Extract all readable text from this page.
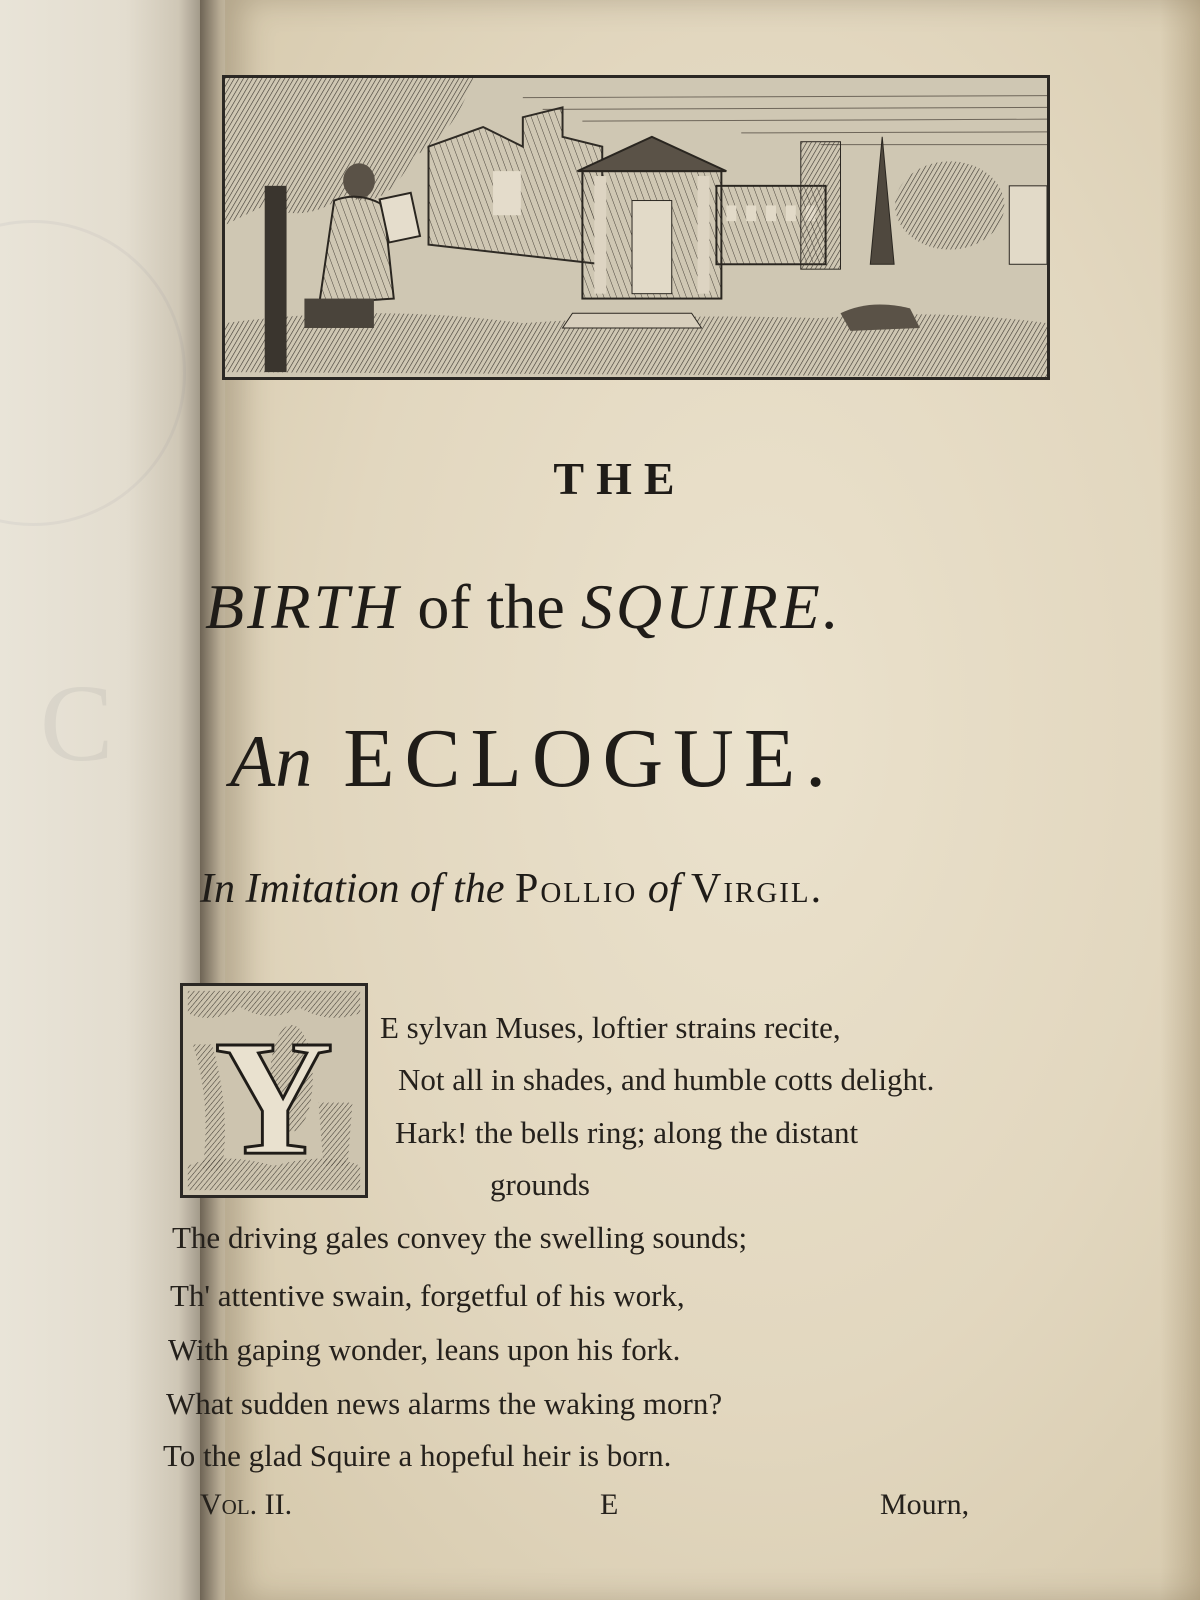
C
THE
BIRTH of the SQUIRE.
An ECLOGUE.
In Imitation of the Pollio of Virgil.
Y E sylvan Muses, loftier strains recite,
Not all in shades, and humble cotts delight.
Hark! the bells ring; along the distant
grounds
The driving gales convey the swelling sounds;
Th' attentive swain, forgetful of his work,
With gaping wonder, leans upon his fork.
What sudden news alarms the waking morn?
To the glad Squire a hopeful heir is born.
Vol. II.	E	Mourn,
